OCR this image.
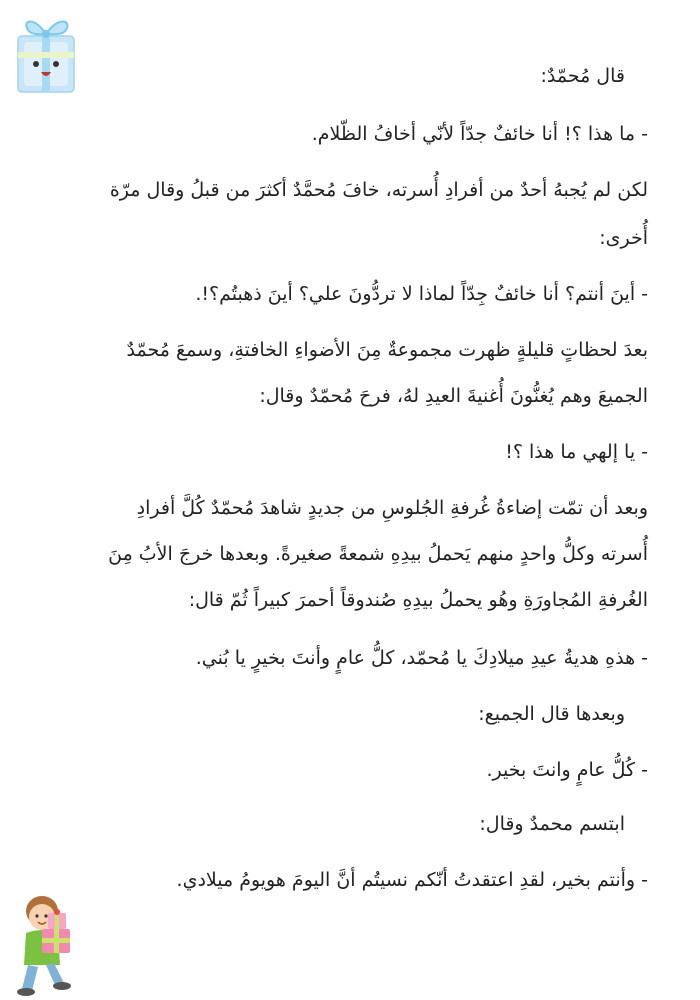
قال مُحمّدٌ:
- ما هذا ؟! أنا خائفٌ جدّاً لأنّي أخافُ الظّلام.
لكن لم يُجبهُ أحدٌ من أفرادِ أُسرته، خافَ مُحمَّدٌ أكثرَ من قبلُ وقال مرّة
أُخرى:
- أينَ أنتم؟ أنا خائفٌ جِدّاً لماذا لا تردُّونَ علي؟ أينَ ذهبتُم؟!.
بعدَ لحظاتٍ قليلةٍ ظهرت مجموعةٌ مِنَ الأضواءِ الخافتةِ، وسمعَ مُحمّدٌ
الجميعَ وهم يُغنُّونَ أُغنيةَ العيدِ لهُ، فرحَ مُحمّدٌ وقال:
- يا إلهي ما هذا ؟!
وبعد أن تمّت إضاءةُ غُرفةِ الجُلوسِ من جديدٍ شاهدَ مُحمّدٌ كُلَّ أفرادِ
أُسرته وكلُّ واحدٍ منهم يَحملُ بيدِهِ شمعةً صغيرةً. وبعدها خرجَ الأبُ مِنَ
الغُرفةِ المُجاورَةِ وهُو يحملُ بيدِهِ صُندوقاً أحمرَ كبيراً ثُمّ قال:
- هذهِ هديةُ عيدِ ميلادِكَ يا مُحمّد، كلُّ عامٍ وأنتَ بخيرٍ يا بُني.
وبعدها قال الجميع:
- كُلُّ عامٍ وانتَ بخير.
ابتسم محمدٌ وقال:
- وأنتم بخير، لقدِ اعتقدتُ أنّكم نسيتُم أنَّ اليومَ هويومُ ميلادي.
